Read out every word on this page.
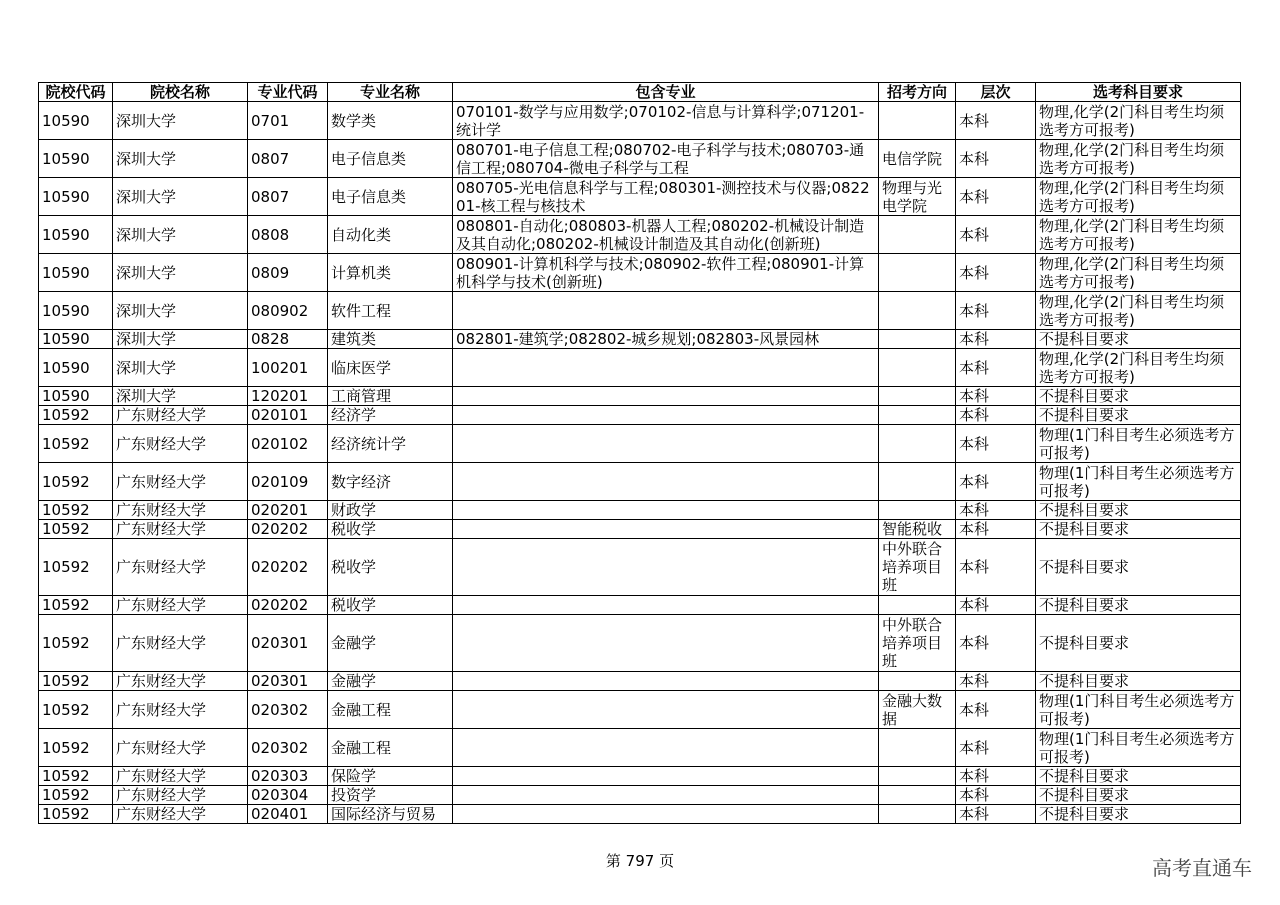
院校代码	院校名称	专业代码	专业名称	包含专业	招考方向	层次	选考科目要求
10590	深圳大学	0701	数学类	070101-数学与应用数学;070102-信息与计算科学;071201-统计学		本科	物理,化学(2门科目考生均须选考方可报考)
10590	深圳大学	0807	电子信息类	080701-电子信息工程;080702-电子科学与技术;080703-通信工程;080704-微电子科学与工程	电信学院	本科	物理,化学(2门科目考生均须选考方可报考)
10590	深圳大学	0807	电子信息类	080705-光电信息科学与工程;080301-测控技术与仪器;082201-核工程与核技术	物理与光电学院	本科	物理,化学(2门科目考生均须选考方可报考)
10590	深圳大学	0808	自动化类	080801-自动化;080803-机器人工程;080202-机械设计制造及其自动化;080202-机械设计制造及其自动化(创新班)		本科	物理,化学(2门科目考生均须选考方可报考)
10590	深圳大学	0809	计算机类	080901-计算机科学与技术;080902-软件工程;080901-计算机科学与技术(创新班)		本科	物理,化学(2门科目考生均须选考方可报考)
10590	深圳大学	080902	软件工程			本科	物理,化学(2门科目考生均须选考方可报考)
10590	深圳大学	0828	建筑类	082801-建筑学;082802-城乡规划;082803-风景园林		本科	不提科目要求
10590	深圳大学	100201	临床医学			本科	物理,化学(2门科目考生均须选考方可报考)
10590	深圳大学	120201	工商管理			本科	不提科目要求
10592	广东财经大学	020101	经济学			本科	不提科目要求
10592	广东财经大学	020102	经济统计学			本科	物理(1门科目考生必须选考方可报考)
10592	广东财经大学	020109	数字经济			本科	物理(1门科目考生必须选考方可报考)
10592	广东财经大学	020201	财政学			本科	不提科目要求
10592	广东财经大学	020202	税收学		智能税收	本科	不提科目要求
10592	广东财经大学	020202	税收学		中外联合培养项目班	本科	不提科目要求
10592	广东财经大学	020202	税收学			本科	不提科目要求
10592	广东财经大学	020301	金融学		中外联合培养项目班	本科	不提科目要求
10592	广东财经大学	020301	金融学			本科	不提科目要求
10592	广东财经大学	020302	金融工程		金融大数据	本科	物理(1门科目考生必须选考方可报考)
10592	广东财经大学	020302	金融工程			本科	物理(1门科目考生必须选考方可报考)
10592	广东财经大学	020303	保险学			本科	不提科目要求
10592	广东财经大学	020304	投资学			本科	不提科目要求
10592	广东财经大学	020401	国际经济与贸易			本科	不提科目要求
第 797 页	高考直通车
